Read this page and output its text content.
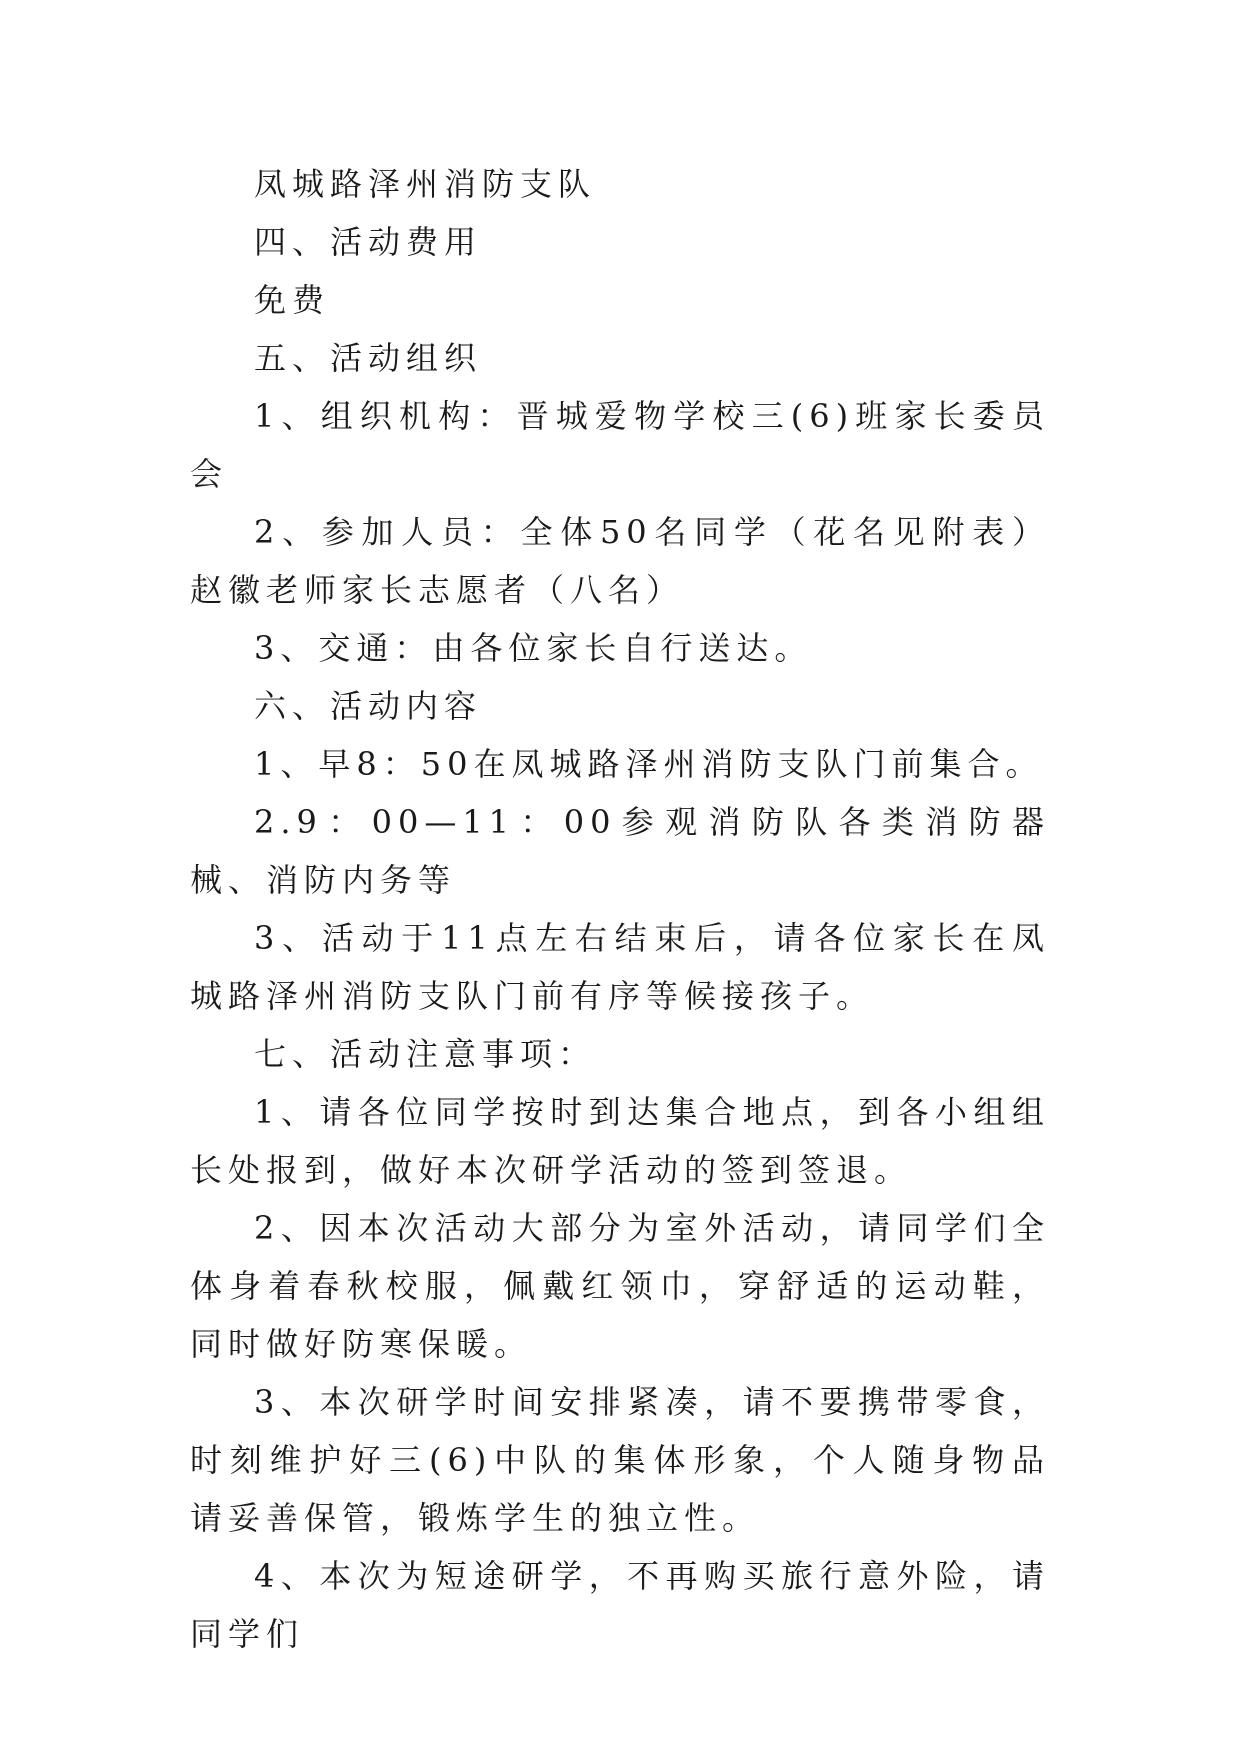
凤城路泽州消防支队

四、活动费用

免费

五、活动组织

1、组织机构：晋城爱物学校三(6)班家长委员会

2、参加人员：全体50名同学（花名见附表）赵徽老师家长志愿者（八名）

3、交通：由各位家长自行送达。

六、活动内容

1、早8：50在凤城路泽州消防支队门前集合。

2.9：00—11：00参观消防队各类消防器械、消防内务等

3、活动于11点左右结束后，请各位家长在凤城路泽州消防支队门前有序等候接孩子。

七、活动注意事项：

1、请各位同学按时到达集合地点，到各小组组长处报到，做好本次研学活动的签到签退。

2、因本次活动大部分为室外活动，请同学们全体身着春秋校服，佩戴红领巾，穿舒适的运动鞋，同时做好防寒保暖。

3、本次研学时间安排紧凑，请不要携带零食，时刻维护好三(6)中队的集体形象，个人随身物品请妥善保管，锻炼学生的独立性。

4、本次为短途研学，不再购买旅行意外险，请同学们
